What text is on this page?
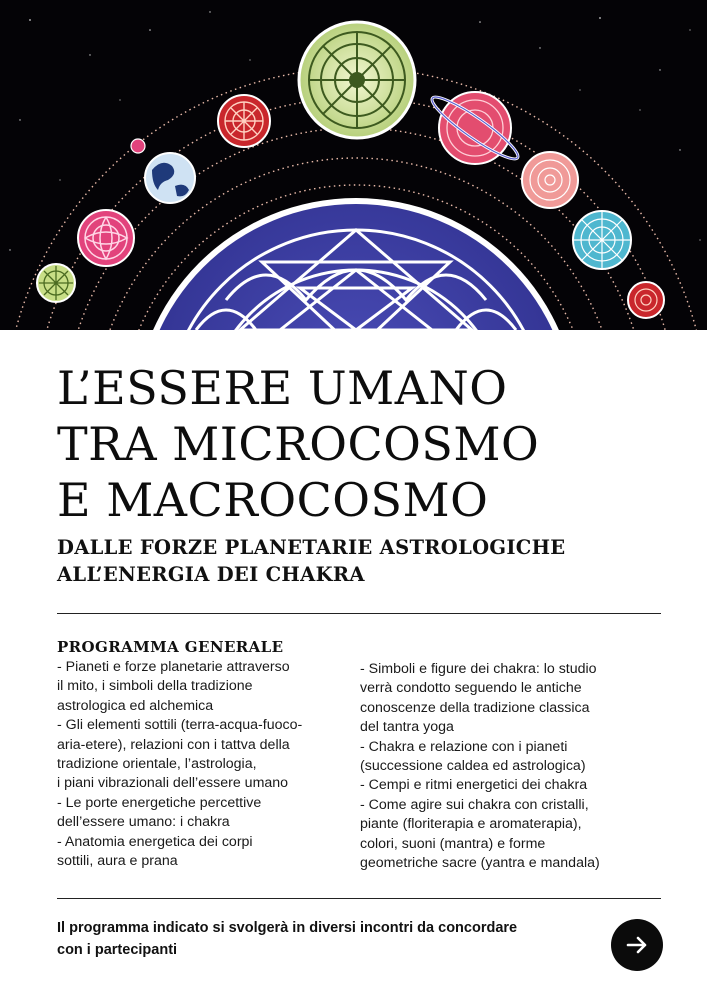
L’ESSERE UMANO
TRA MICROCOSMO
E MACROCOSMO
DALLE FORZE PLANETARIE ASTROLOGICHE
ALL’ENERGIA DEI CHAKRA
PROGRAMMA GENERALE
- Pianeti e forze planetarie attraverso
il mito, i simboli della tradizione
astrologica ed alchemica
- Gli elementi sottili (terra-acqua-fuoco-
aria-etere), relazioni con i tattva della
tradizione orientale, l’astrologia,
i piani vibrazionali dell’essere umano
- Le porte energetiche percettive
dell’essere umano: i chakra
- Anatomia energetica dei corpi
sottili, aura e prana
- Simboli e figure dei chakra: lo studio
verrà condotto seguendo le antiche
conoscenze della tradizione classica
del tantra yoga
- Chakra e relazione con i pianeti
(successione caldea ed astrologica)
- Cempi e ritmi energetici dei chakra
- Come agire sui chakra con cristalli,
piante (floriterapia e aromaterapia),
colori, suoni (mantra) e forme
geometriche sacre (yantra e mandala)
Il programma indicato si svolgerà in diversi incontri da concordare
con i partecipanti
